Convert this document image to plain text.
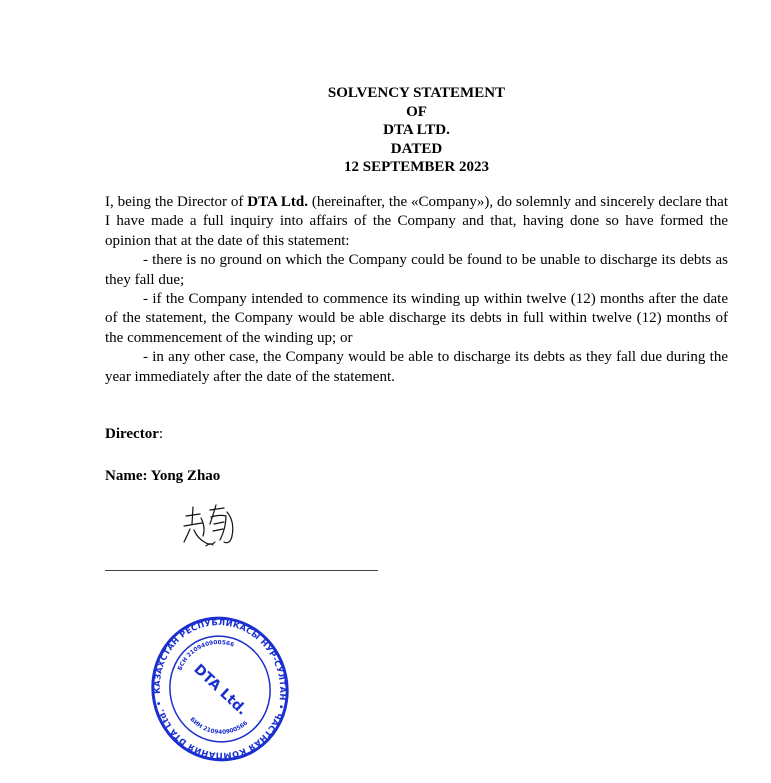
SOLVENCY STATEMENT
OF
DTA LTD.
DATED
12 SEPTEMBER 2023

I, being the Director of DTA Ltd. (hereinafter, the «Company»), do solemnly and sincerely declare that I have made a full inquiry into affairs of the Company and that, having done so have formed the opinion that at the date of this statement:

- there is no ground on which the Company could be found to be unable to discharge its debts as they fall due;

- if the Company intended to commence its winding up within twelve (12) months after the date of the statement, the Company would be able discharge its debts in full within twelve (12) months of the commencement of the winding up; or

- in any other case, the Company would be able to discharge its debts as they fall due during the year immediately after the date of the statement.

Director:
Name: Yong Zhao
КАЗАХСТАН РЕСПУБЛИКАСЫ НУР-СУЛТАН • ЧАСТНАЯ КОМПАНИЯ DTA Ltd. •
БСН 210940900566
БИН 210940900566
DTA Ltd.
